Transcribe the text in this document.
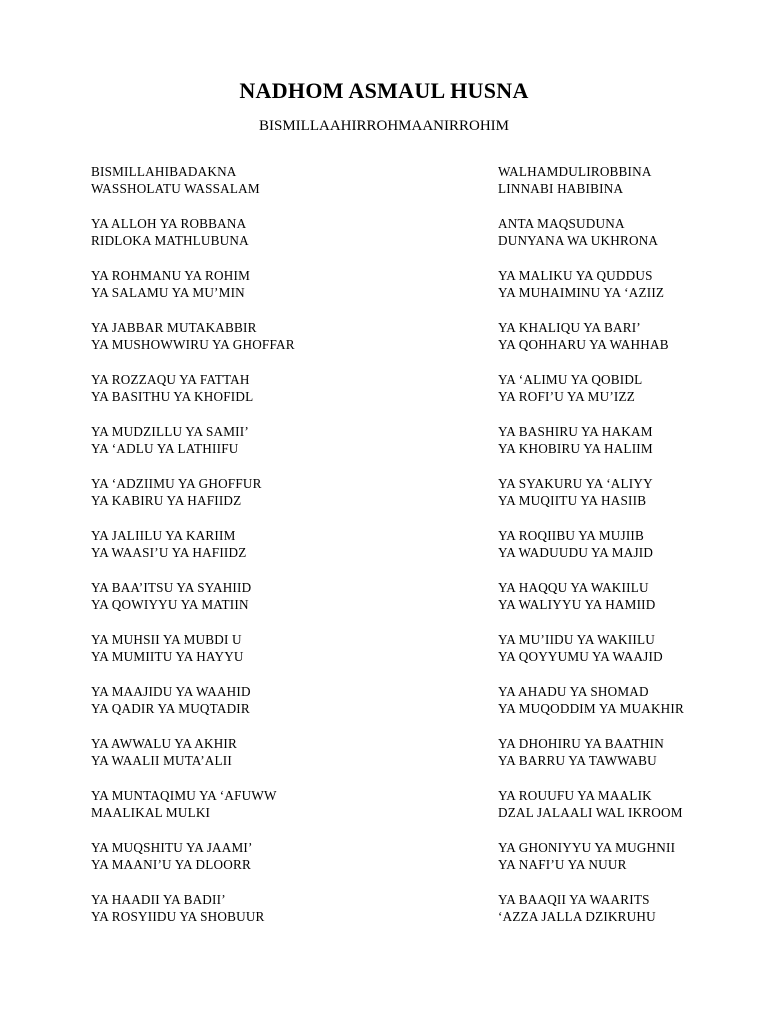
NADHOM ASMAUL HUSNA
BISMILLAAHIRROHMAANIRROHIM
BISMILLAHIBADAKNA
WASSHOLATU WASSALAM
YA ALLOH YA ROBBANA
RIDLOKA MATHLUBUNA
YA ROHMANU YA ROHIM
YA SALAMU YA MU’MIN
YA JABBAR MUTAKABBIR
YA MUSHOWWIRU YA GHOFFAR
YA ROZZAQU YA FATTAH
YA BASITHU YA KHOFIDL
YA MUDZILLU YA SAMII’
YA ‘ADLU YA LATHIIFU
YA ‘ADZIIMU YA GHOFFUR
YA KABIRU YA HAFIIDZ
YA JALIILU YA KARIIM
YA WAASI’U YA HAFIIDZ
YA BAA’ITSU YA SYAHIID
YA QOWIYYU YA MATIIN
YA MUHSII YA MUBDI U
YA MUMIITU YA HAYYU
YA MAAJIDU YA WAAHID
YA QADIR YA MUQTADIR
YA AWWALU YA AKHIR
YA WAALII MUTA’ALII
YA MUNTAQIMU YA ‘AFUWW
MAALIKAL MULKI
YA MUQSHITU YA JAAMI’
YA MAANI’U YA DLOORR
YA HAADII YA BADII’
YA ROSYIIDU YA SHOBUUR
WALHAMDULIROBBINA
LINNABI HABIBINA
ANTA MAQSUDUNA
DUNYANA WA UKHRONA
YA MALIKU YA QUDDUS
YA MUHAIMINU YA ‘AZIIZ
YA KHALIQU YA BARI’
YA QOHHARU YA WAHHAB
YA ‘ALIMU YA QOBIDL
YA ROFI’U YA MU’IZZ
YA BASHIRU YA HAKAM
YA KHOBIRU YA HALIIM
YA SYAKURU YA ‘ALIYY
YA MUQIITU YA HASIIB
YA ROQIIBU YA MUJIIB
YA WADUUDU YA MAJID
YA HAQQU YA WAKIILU
YA WALIYYU YA HAMIID
YA MU’IIDU YA WAKIILU
YA QOYYUMU YA WAAJID
YA AHADU YA SHOMAD
YA MUQODDIM YA MUAKHIR
YA DHOHIRU YA BAATHIN
YA BARRU YA TAWWABU
YA ROUUFU YA MAALIK
DZAL JALAALI WAL IKROOM
YA GHONIYYU YA MUGHNII
YA NAFI’U YA NUUR
YA BAAQII YA WAARITS
‘AZZA JALLA DZIKRUHU
